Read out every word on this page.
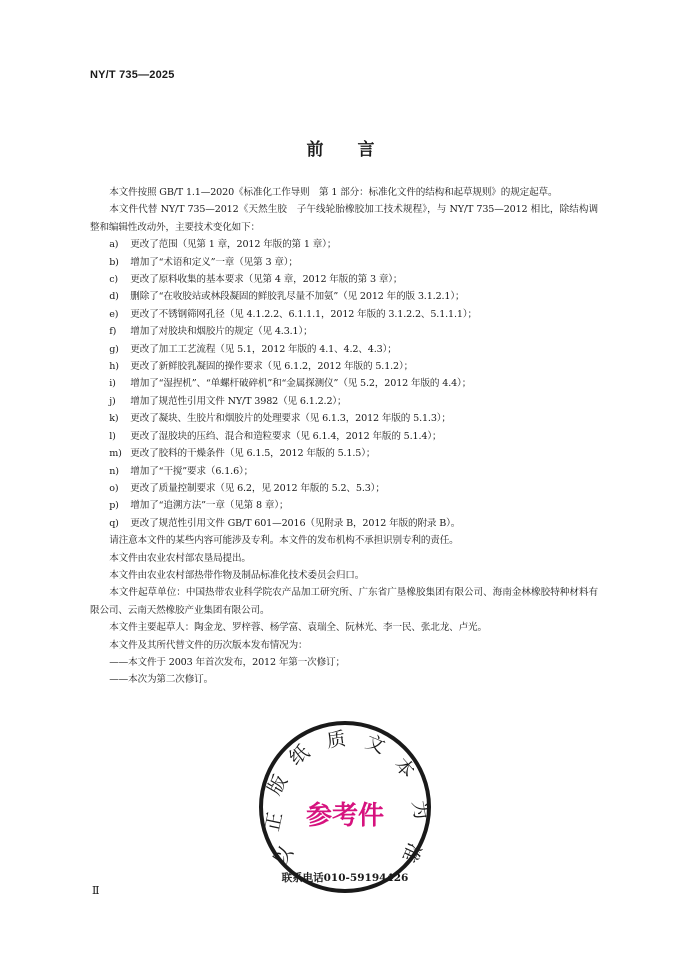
NY/T 735—2025
前言

本文件按照 GB/T 1.1—2020《标准化工作导则　第 1 部分：标准化文件的结构和起草规则》的规定起草。

本文件代替 NY/T 735—2012《天然生胶　子午线轮胎橡胶加工技术规程》，与 NY/T 735—2012 相比，除结构调整和编辑性改动外，主要技术变化如下：

a) 更改了范围（见第 1 章，2012 年版的第 1 章）；

b) 增加了“术语和定义”一章（见第 3 章）；

c) 更改了原料收集的基本要求（见第 4 章，2012 年版的第 3 章）；

d) 删除了“在收胶站或林段凝固的鲜胶乳尽量不加氨”（见 2012 年的版 3.1.2.1）；

e) 更改了不锈钢筛网孔径（见 4.1.2.2、6.1.1.1，2012 年版的 3.1.2.2、5.1.1.1）；

f) 增加了对胶块和烟胶片的规定（见 4.3.1）；

g) 更改了加工工艺流程（见 5.1，2012 年版的 4.1、4.2、4.3）；

h) 更改了新鲜胶乳凝固的操作要求（见 6.1.2，2012 年版的 5.1.2）；

i) 增加了“湿捏机”、“单螺杆破碎机”和“金属探测仪”（见 5.2，2012 年版的 4.4）；

j) 增加了规范性引用文件 NY/T 3982（见 6.1.2.2）；

k) 更改了凝块、生胶片和烟胶片的处理要求（见 6.1.3，2012 年版的 5.1.3）；

l) 更改了湿胶块的压绉、混合和造粒要求（见 6.1.4，2012 年版的 5.1.4）；

m) 更改了胶料的干燥条件（见 6.1.5，2012 年版的 5.1.5）；

n) 增加了“干搅”要求（6.1.6）；

o) 更改了质量控制要求（见 6.2，见 2012 年版的 5.2、5.3）；

p) 增加了“追溯方法”一章（见第 8 章）；

q) 更改了规范性引用文件 GB/T 601—2016（见附录 B，2012 年版的附录 B）。

请注意本文件的某些内容可能涉及专利。本文件的发布机构不承担识别专利的责任。

本文件由农业农村部农垦局提出。

本文件由农业农村部热带作物及制品标准化技术委员会归口。

本文件起草单位：中国热带农业科学院农产品加工研究所、广东省广垦橡胶集团有限公司、海南金林橡胶特种材料有限公司、云南天然橡胶产业集团有限公司。

本文件主要起草人：陶金龙、罗梓蓉、杨学富、袁瑞全、阮林光、李一民、张北龙、卢光。

本文件及其所代替文件的历次版本发布情况为：

——本文件于 2003 年首次发布，2012 年第一次修订；

——本次为第二次修订。

以
正
版
纸
质 文
本
为
准
参考件
联系电话010-59194426
Ⅱ
